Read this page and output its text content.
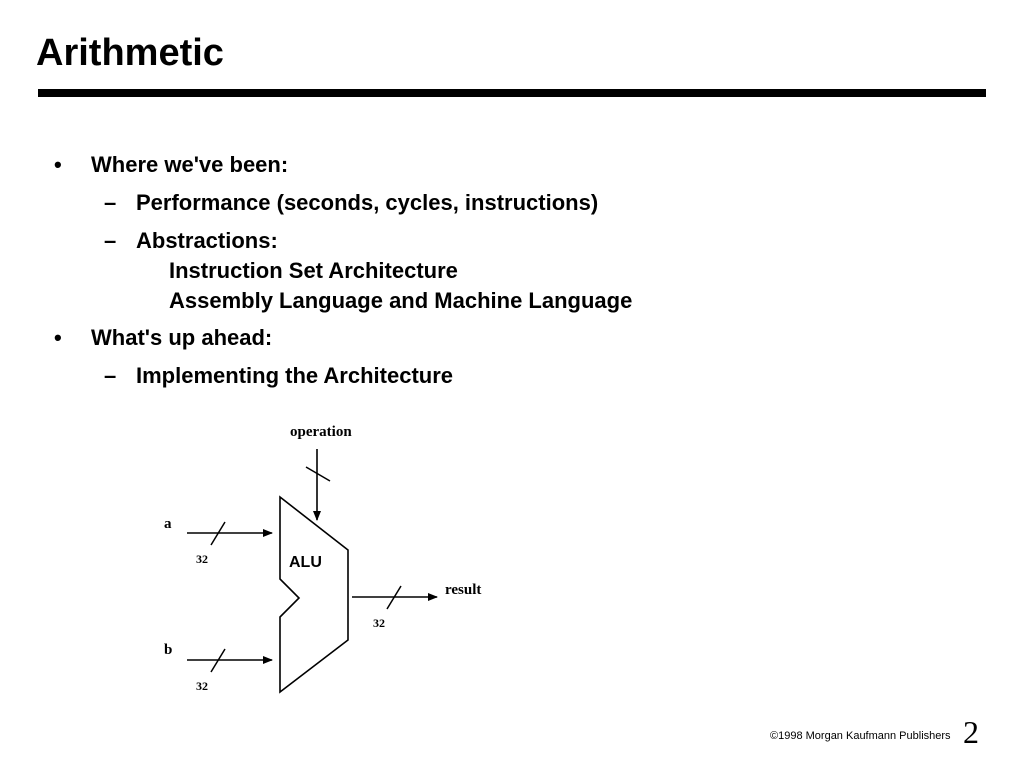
Arithmetic
• Where we've been:
– Performance (seconds, cycles, instructions)
– Abstractions:
Instruction Set Architecture
Assembly Language and Machine Language
• What's up ahead:
– Implementing the Architecture
operation
a
32	ALU
b
32
result
32
©1998 Morgan Kaufmann Publishers 2
